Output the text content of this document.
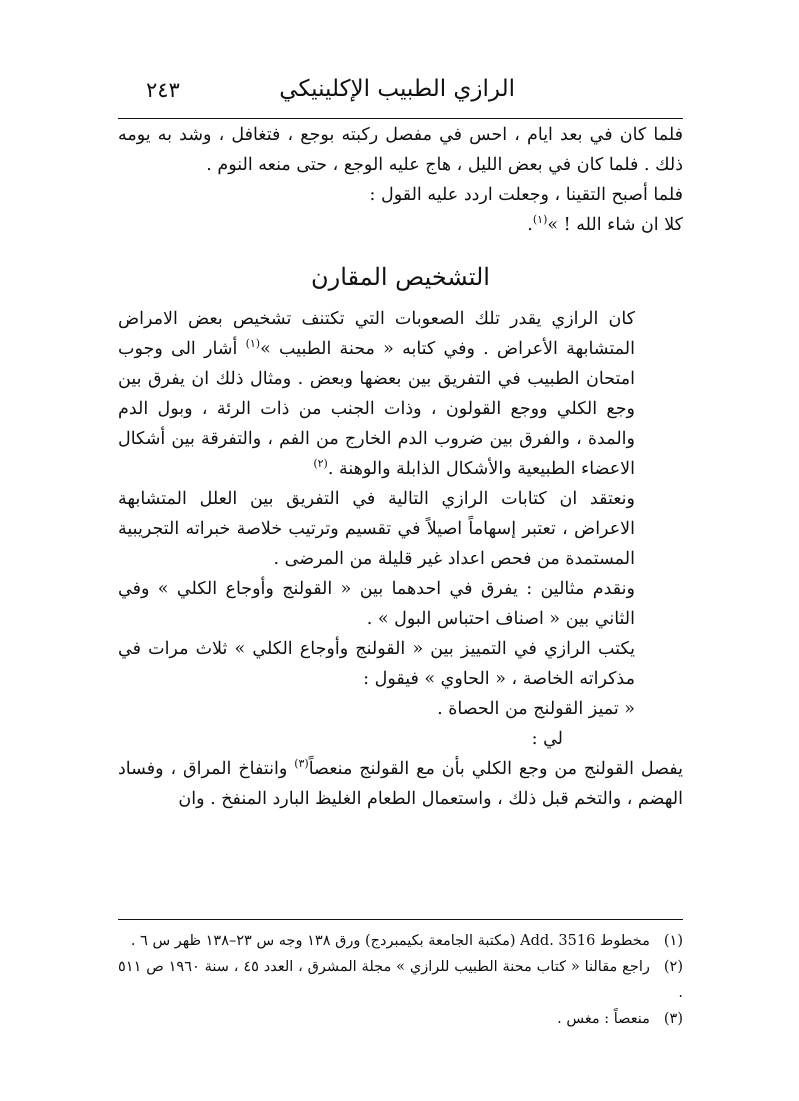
٢٤٣	الرازي الطبيب الإكلينيكي

فلما كان في بعد ايام ، احس في مفصل ركبته بوجع ، فتغافل ، وشد به يومه ذلك . فلما كان في بعض الليل ، هاج عليه الوجع ، حتى منعه النوم .

فلما أصبح التقينا ، وجعلت اردد عليه القول :

كلا ان شاء الله ! »$^{(١)}$.

التشخيص المقارن

كان الرازي يقدر تلك الصعوبات التي تكتنف تشخيص بعض الامراض المتشابهة الأعراض . وفي كتابه « محنة الطبيب »$^{(١)}$ أشار الى وجوب امتحان الطبيب في التفريق بين بعضها وبعض . ومثال ذلك ان يفرق بين وجع الكلي ووجع القولون ، وذات الجنب من ذات الرئة ، وبول الدم والمدة ، والفرق بين ضروب الدم الخارج من الفم ، والتفرقة بين أشكال الاعضاء الطبيعية والأشكال الذابلة والوهنة .$^{(٢)}$

ونعتقد ان كتابات الرازي التالية في التفريق بين العلل المتشابهة الاعراض ، تعتبر إسهاماً اصيلاً في تقسيم وترتيب خلاصة خبراته التجريبية المستمدة من فحص اعداد غير قليلة من المرضى .

ونقدم مثالين : يفرق في احدهما بين « القولنج وأوجاع الكلي » وفي الثاني بين « اصناف احتباس البول » .

يكتب الرازي في التمييز بين « القولنج وأوجاع الكلي » ثلاث مرات في مذكراته الخاصة ، « الحاوي » فيقول :

« تميز القولنج من الحصاة .

لي :

يفصل القولنج من وجع الكلي بأن مع القولنج منعصاً$^{(٣)}$ وانتفاخ المراق ، وفساد الهضم ، والتخم قبل ذلك ، واستعمال الطعام الغليظ البارد المنفخ . وان

(١)مخطوط Add. 3516 (مكتبة الجامعة بكيمبردج) ورق ١٣٨ وجه س ٢٣–١٣٨ ظهر س ٦ .

(٢)راجع مقالنا « كتاب محنة الطبيب للرازي » مجلة المشرق ، العدد ٤٥ ، سنة ١٩٦٠ ص ٥١١ .

(٣)منعصاً : مغس .
